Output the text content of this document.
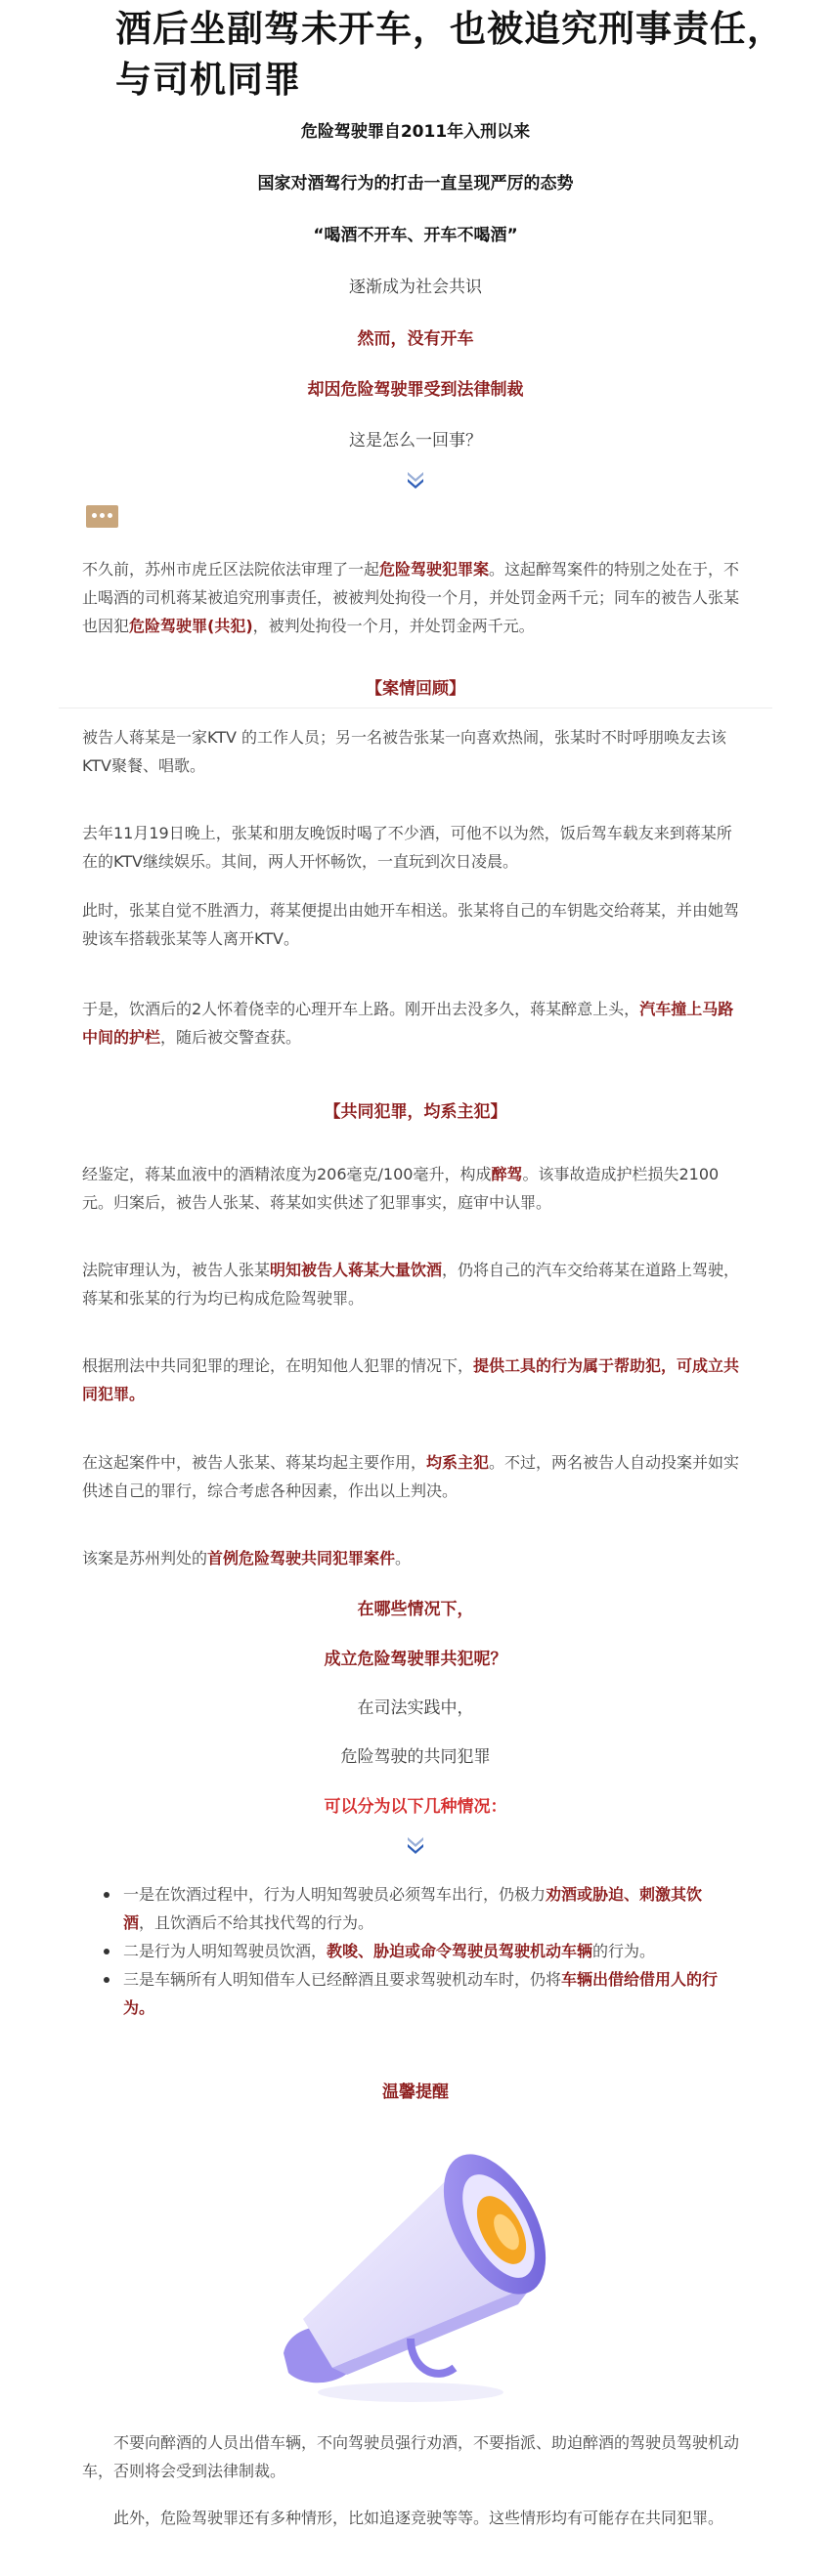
酒后坐副驾未开车，也被追究刑事责任，与司机同罪
危险驾驶罪自2011年入刑以来
国家对酒驾行为的打击一直呈现严厉的态势
“喝酒不开车、开车不喝酒”
逐渐成为社会共识
然而，没有开车
却因危险驾驶罪受到法律制裁
这是怎么一回事？
不久前，苏州市虎丘区法院依法审理了一起危险驾驶犯罪案。这起醉驾案件的特别之处在于，不止喝酒的司机蒋某被追究刑事责任，被被判处拘役一个月，并处罚金两千元；同车的被告人张某也因犯危险驾驶罪(共犯)，被判处拘役一个月，并处罚金两千元。
【案情回顾】
被告人蒋某是一家KTV 的工作人员；另一名被告张某一向喜欢热闹，张某时不时呼朋唤友去该KTV聚餐、唱歌。
去年11月19日晚上，张某和朋友晚饭时喝了不少酒，可他不以为然，饭后驾车载友来到蒋某所在的KTV继续娱乐。其间，两人开怀畅饮，一直玩到次日凌晨。
此时，张某自觉不胜酒力，蒋某便提出由她开车相送。张某将自己的车钥匙交给蒋某，并由她驾驶该车搭载张某等人离开KTV。
于是，饮酒后的2人怀着侥幸的心理开车上路。刚开出去没多久，蒋某醉意上头，汽车撞上马路中间的护栏，随后被交警查获。
【共同犯罪，均系主犯】
经鉴定，蒋某血液中的酒精浓度为206毫克/100毫升，构成醉驾。该事故造成护栏损失2100元。归案后，被告人张某、蒋某如实供述了犯罪事实，庭审中认罪。
法院审理认为，被告人张某明知被告人蒋某大量饮酒，仍将自己的汽车交给蒋某在道路上驾驶，蒋某和张某的行为均已构成危险驾驶罪。
根据刑法中共同犯罪的理论，在明知他人犯罪的情况下，提供工具的行为属于帮助犯，可成立共同犯罪。
在这起案件中，被告人张某、蒋某均起主要作用，均系主犯。不过，两名被告人自动投案并如实供述自己的罪行，综合考虑各种因素，作出以上判决。
该案是苏州判处的首例危险驾驶共同犯罪案件。
在哪些情况下，
成立危险驾驶罪共犯呢？
在司法实践中，
危险驾驶的共同犯罪
可以分为以下几种情况：
一是在饮酒过程中，行为人明知驾驶员必须驾车出行，仍极力劝酒或胁迫、刺激其饮酒，且饮酒后不给其找代驾的行为。
二是行为人明知驾驶员饮酒，教唆、胁迫或命令驾驶员驾驶机动车辆的行为。
三是车辆所有人明知借车人已经醉酒且要求驾驶机动车时，仍将车辆出借给借用人的行为。
温馨提醒
不要向醉酒的人员出借车辆，不向驾驶员强行劝酒，不要指派、助迫醉酒的驾驶员驾驶机动车，否则将会受到法律制裁。
此外，危险驾驶罪还有多种情形，比如追逐竞驶等等。这些情形均有可能存在共同犯罪。
